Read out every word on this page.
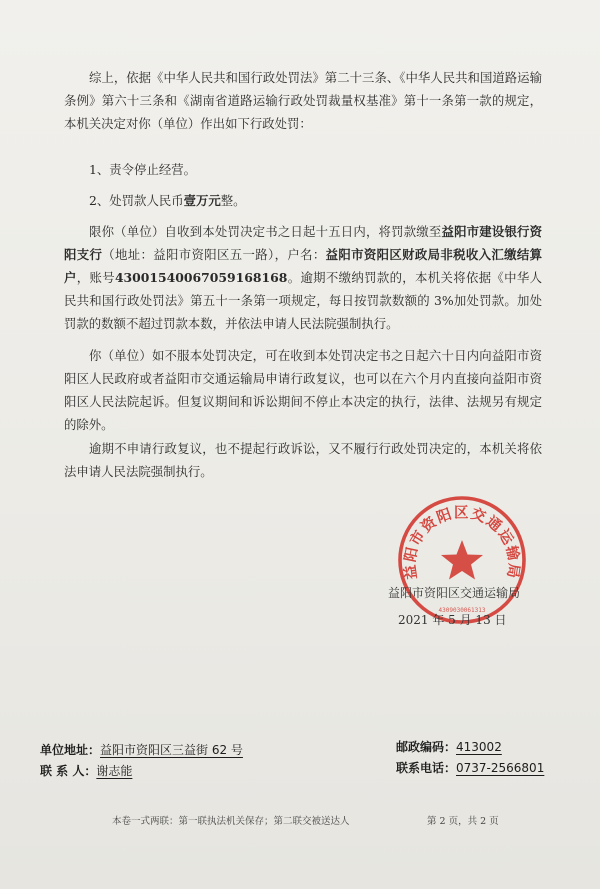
综上，依据《中华人民共和国行政处罚法》第二十三条、《中华人民共和国道路运输条例》第六十三条和《湖南省道路运输行政处罚裁量权基准》第十一条第一款的规定，本机关决定对你（单位）作出如下行政处罚：

1、责令停止经营。

2、处罚款人民币壹万元整。

限你（单位）自收到本处罚决定书之日起十五日内，将罚款缴至益阳市建设银行资阳支行（地址：益阳市资阳区五一路），户名：益阳市资阳区财政局非税收入汇缴结算户，账号430015400670591681​68。逾期不缴纳罚款的，本机关将依据《中华人民共和国行政处罚法》第五十一条第一项规定，每日按罚款数额的 3%加处罚款。加处罚款的数额不超过罚款本数，并依法申请人民法院强制执行。

你（单位）如不服本处罚决定，可在收到本处罚决定书之日起六十日内向益阳市资阳区人民政府或者益阳市交通运输局申请行政复议，也可以在六个月内直接向益阳市资阳区人民法院起诉。但复议期间和诉讼期间不停止本决定的执行，法律、法规另有规定的除外。

逾期不申请行政复议，也不提起行政诉讼，又不履行行政处罚决定的，本机关将依法申请人民法院强制执行。

益阳市资阳区交通运输局
4309030061313
益阳市资阳区交通运输局
2021 年 5 月 13 日
单位地址：益阳市资阳区三益街 62 号
联 系 人：谢志能
邮政编码：413002
联系电话：0737-2566801
本卷一式两联：第一联执法机关保存；第二联交被送达人	第 2 页，共 2 页
